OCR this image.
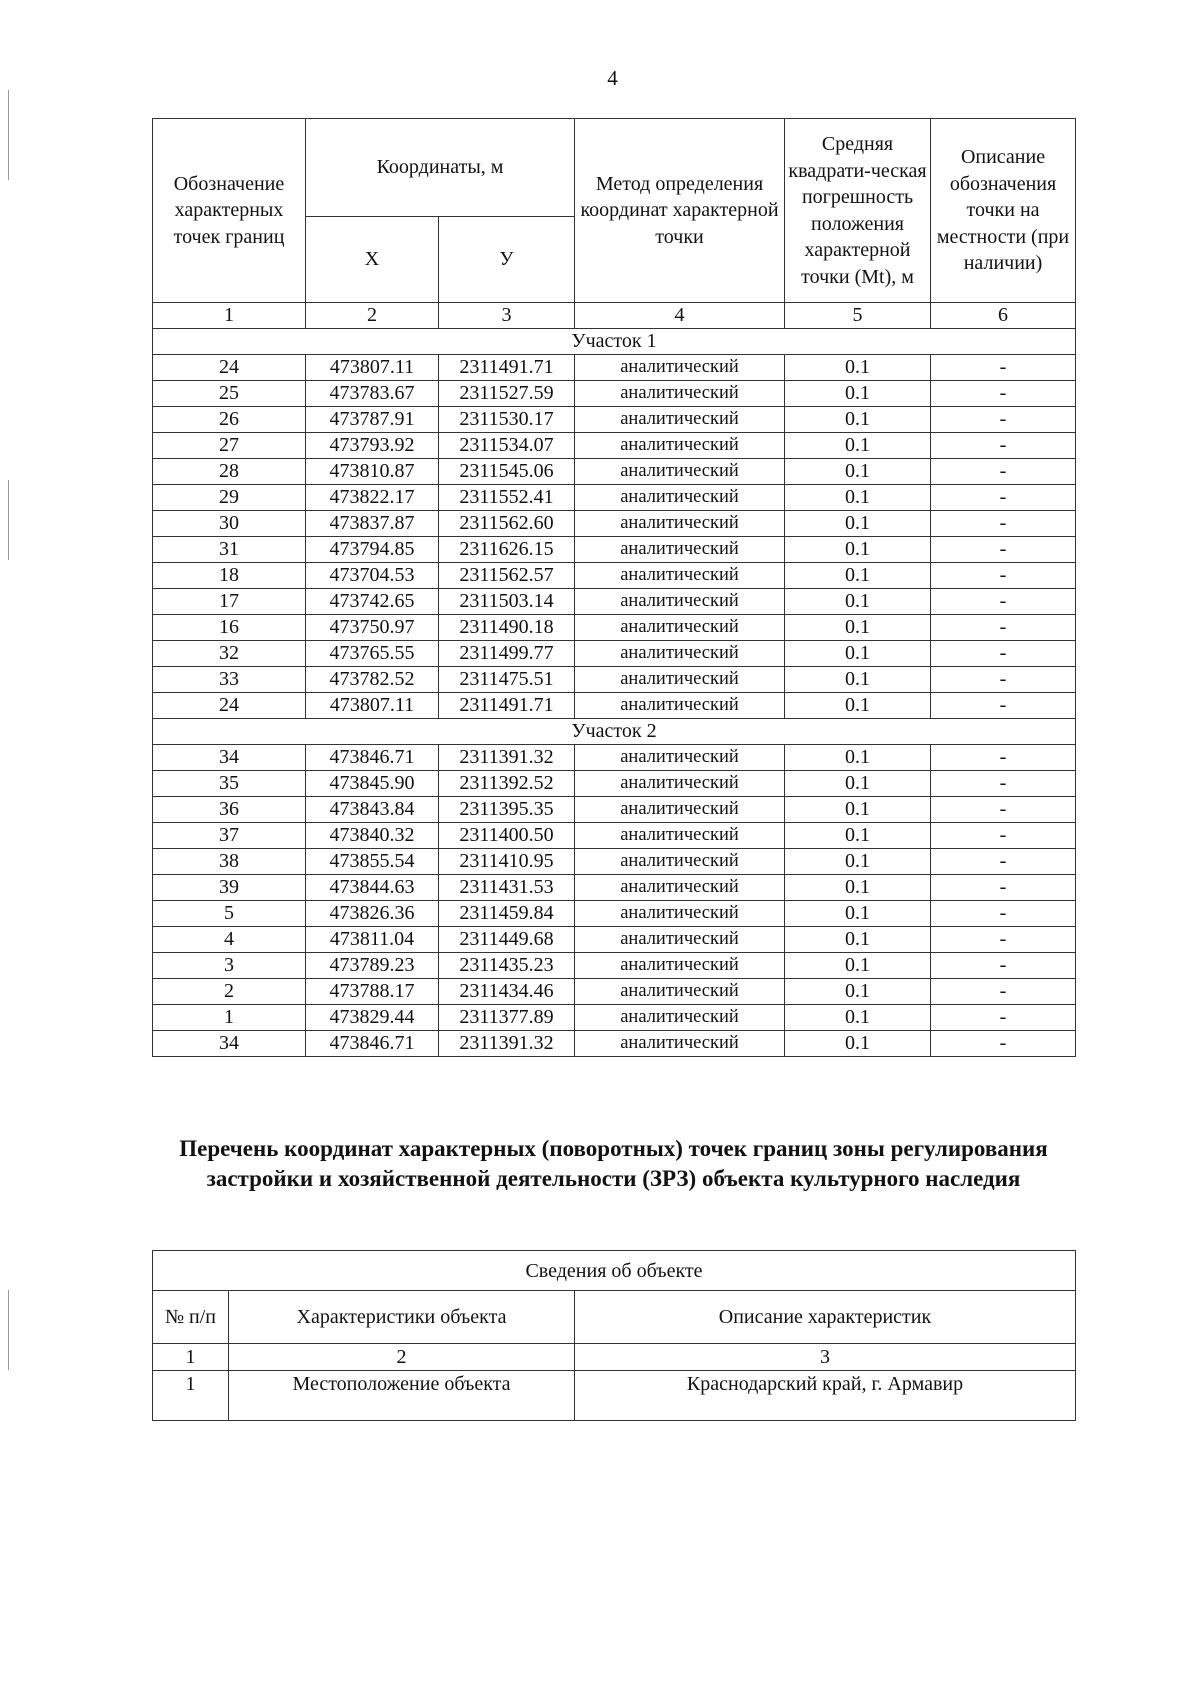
4
Обозначение характерных точек границ	Координаты, м		Метод определения координат характерной точки	Средняя квадрати-ческая погрешность положения характерной точки (Mt), м	Описание обозначения точки на местности (при наличии)
	X	У			
1	2	3	4	5	6
Участок 1					
24	473807.11	2311491.71	аналитический	0.1	-
25	473783.67	2311527.59	аналитический	0.1	-
26	473787.91	2311530.17	аналитический	0.1	-
27	473793.92	2311534.07	аналитический	0.1	-
28	473810.87	2311545.06	аналитический	0.1	-
29	473822.17	2311552.41	аналитический	0.1	-
30	473837.87	2311562.60	аналитический	0.1	-
31	473794.85	2311626.15	аналитический	0.1	-
18	473704.53	2311562.57	аналитический	0.1	-
17	473742.65	2311503.14	аналитический	0.1	-
16	473750.97	2311490.18	аналитический	0.1	-
32	473765.55	2311499.77	аналитический	0.1	-
33	473782.52	2311475.51	аналитический	0.1	-
24	473807.11	2311491.71	аналитический	0.1	-
Участок 2					
34	473846.71	2311391.32	аналитический	0.1	-
35	473845.90	2311392.52	аналитический	0.1	-
36	473843.84	2311395.35	аналитический	0.1	-
37	473840.32	2311400.50	аналитический	0.1	-
38	473855.54	2311410.95	аналитический	0.1	-
39	473844.63	2311431.53	аналитический	0.1	-
5	473826.36	2311459.84	аналитический	0.1	-
4	473811.04	2311449.68	аналитический	0.1	-
3	473789.23	2311435.23	аналитический	0.1	-
2	473788.17	2311434.46	аналитический	0.1	-
1	473829.44	2311377.89	аналитический	0.1	-
34	473846.71	2311391.32	аналитический	0.1	-
Перечень координат характерных (поворотных) точек границ зоны регулирования застройки и хозяйственной деятельности (ЗРЗ) объекта культурного наследия
Сведения об объекте		
№ п/п	Характеристики объекта	Описание характеристик
1	2	3
1	Местоположение объекта	Краснодарский край, г. Армавир
